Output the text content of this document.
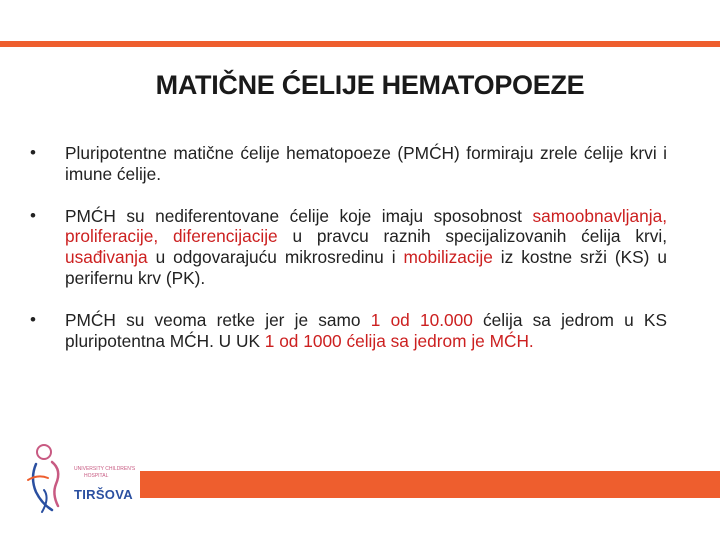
MATIČNE ĆELIJE HEMATOPOEZE

• Pluripotentne matične ćelije hematopoeze (PMĆH) formiraju zrele ćelije krvi i imune ćelije.

• PMĆH su nediferentovane ćelije koje imaju sposobnost samoobnavljanja, proliferacije, diferencijacije u pravcu raznih specijalizovanih ćelija krvi, usađivanja u odgovarajuću mikrosredinu i mobilizacije iz kostne srži (KS) u perifernu krv (PK).

• PMĆH su veoma retke jer je samo 1 od 10.000 ćelija sa jedrom u KS pluripotentna MĆH. U UK 1 od 1000 ćelija sa jedrom je MĆH.

UNIVERSITY CHILDREN'S
HOSPITAL
TIRŠOVA
